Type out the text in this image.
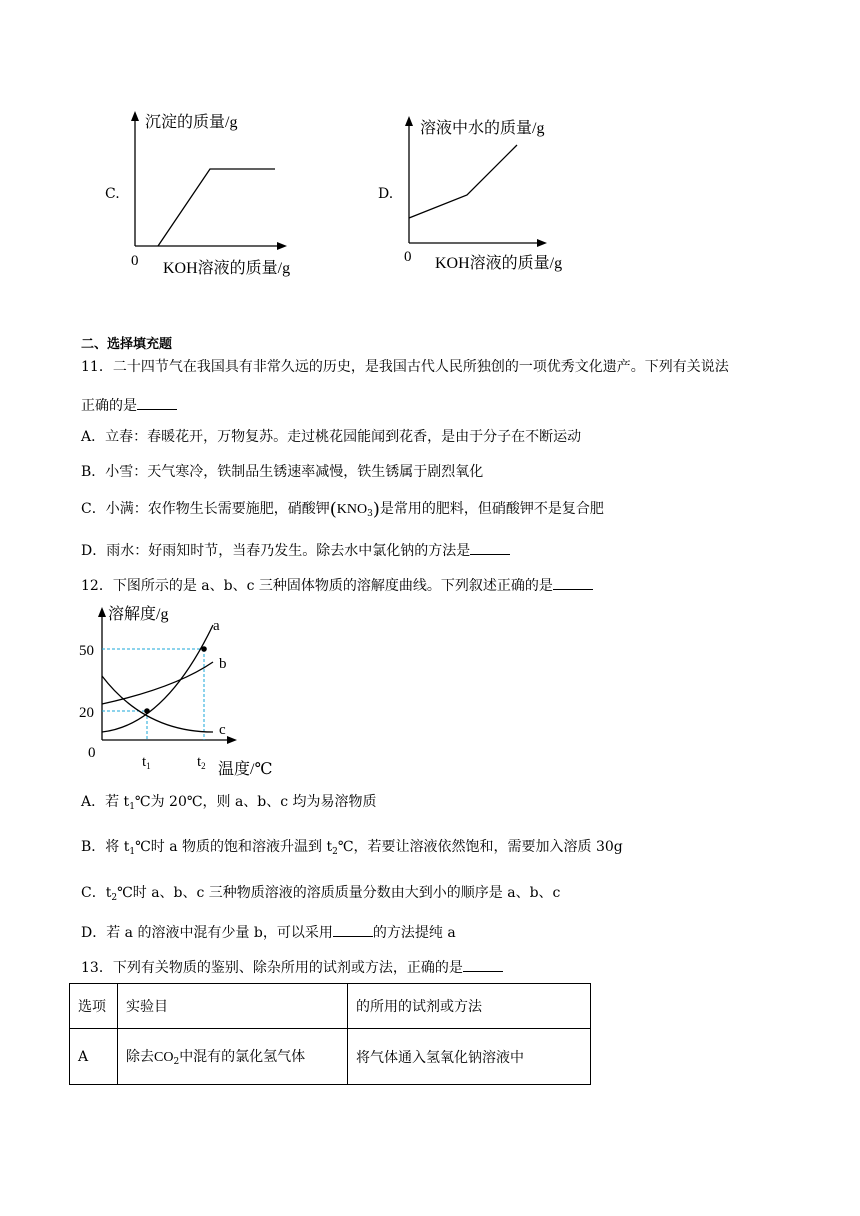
C.
沉淀的质量/g
KOH溶液的质量/g
0
D.
溶液中水的质量/g
KOH溶液的质量/g
0
二、选择填充题
11．二十四节气在我国具有非常久远的历史，是我国古代人民所独创的一项优秀文化遗产。下列有关说法
正确的是
A．立春：春暖花开，万物复苏。走过桃花园能闻到花香，是由于分子在不断运动
B．小雪：天气寒冷，铁制品生锈速率减慢，铁生锈属于剧烈氧化
C．小满：农作物生长需要施肥，硝酸钾$(KNO_3)$是常用的肥料，但硝酸钾不是复合肥
D．雨水：好雨知时节，当春乃发生。除去水中氯化钠的方法是
12．下图所示的是 a、b、c 三种固体物质的溶解度曲线。下列叙述正确的是
溶解度/g
温度/℃
50
20
0
$t_1$	$t_2$
a
b
c
A．若 $t_1℃$为 20℃，则 a、b、c 均为易溶物质
B．将 $t_1℃$时 a 物质的饱和溶液升温到 $t_2℃$，若要让溶液依然饱和，需要加入溶质 30g
C．$t_2℃$时 a、b、c 三种物质溶液的溶质质量分数由大到小的顺序是 a、b、c
D．若 a 的溶液中混有少量 b，可以采用	的方法提纯 a
13．下列有关物质的鉴别、除杂所用的试剂或方法，正确的是
选项	实验目	的所用的试剂或方法
A	除去$CO_2$中混有的氯化氢气体	将气体通入氢氧化钠溶液中
